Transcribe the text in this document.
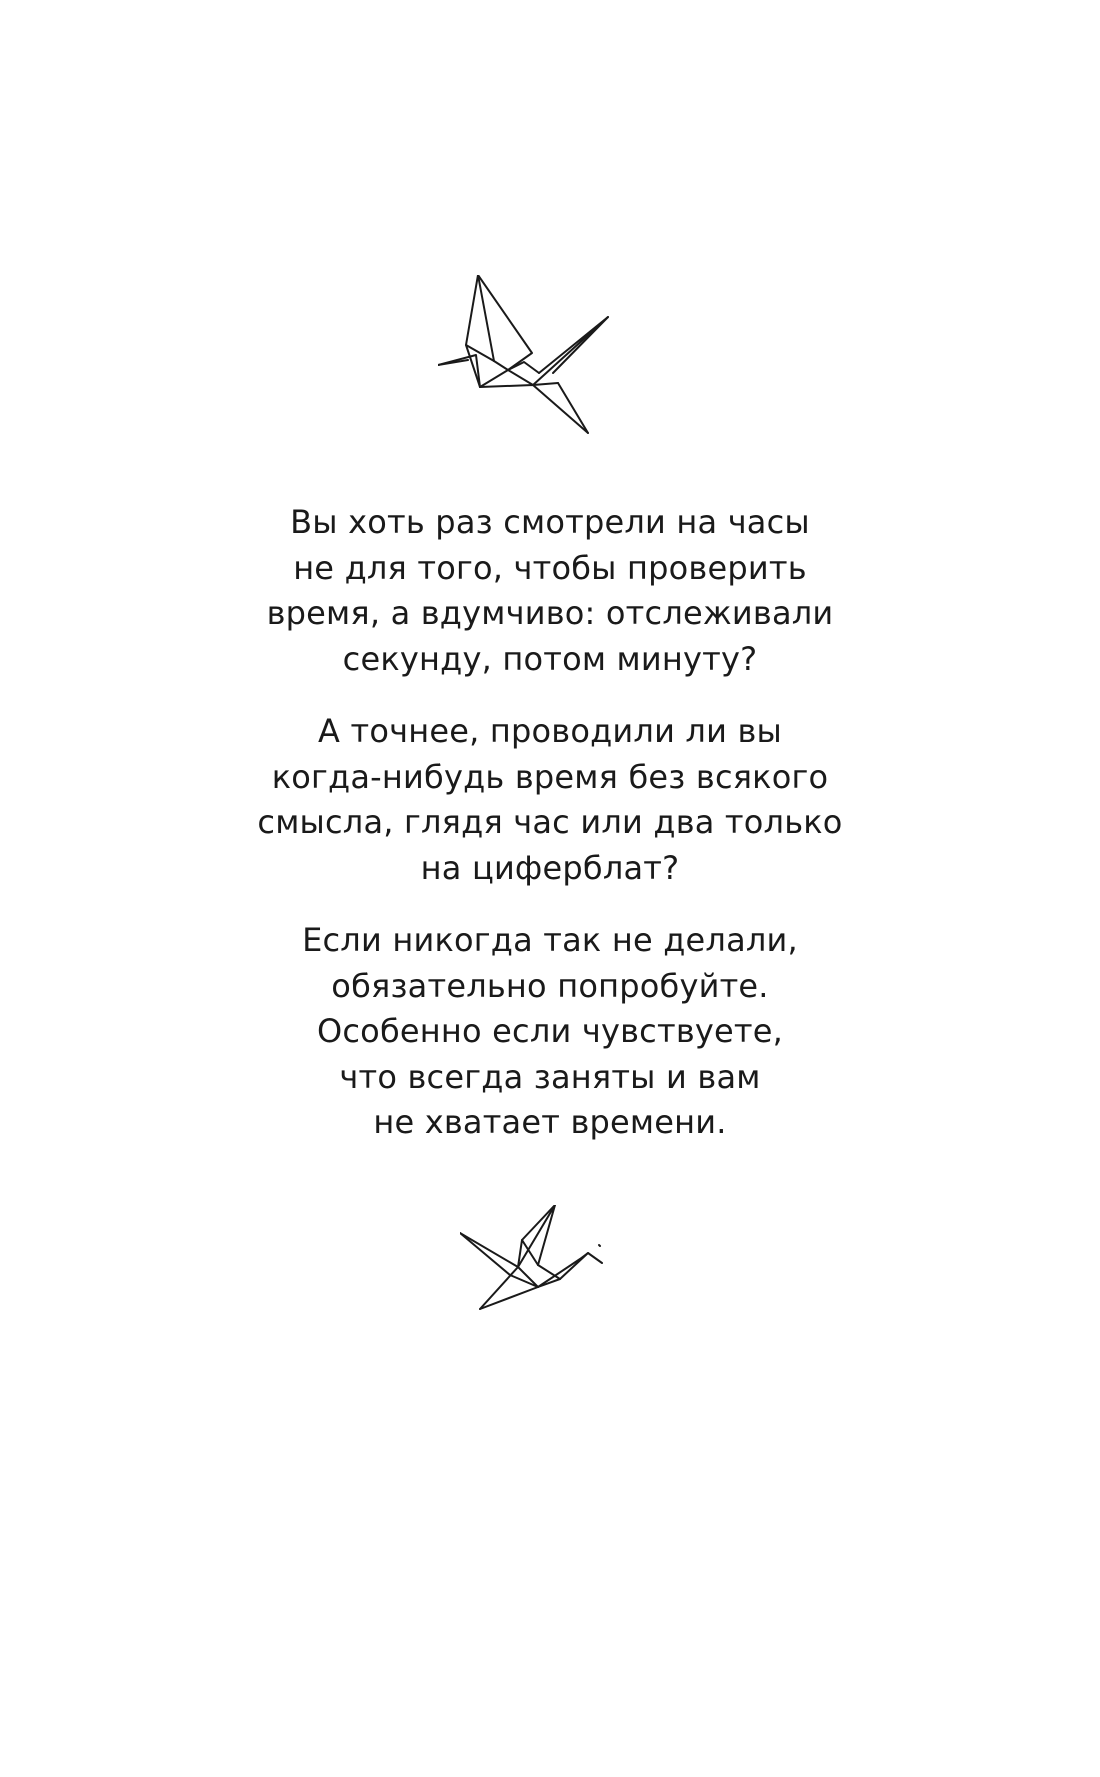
Вы хоть раз смотрели на часы
не для того, чтобы проверить
время, а вдумчиво: отслеживали
секунду, потом минуту?

А точнее, проводили ли вы
когда-нибудь время без всякого
смысла, глядя час или два только
на циферблат?

Если никогда так не делали,
обязательно попробуйте.
Особенно если чувствуете,
что всегда заняты и вам
не хватает времени.
